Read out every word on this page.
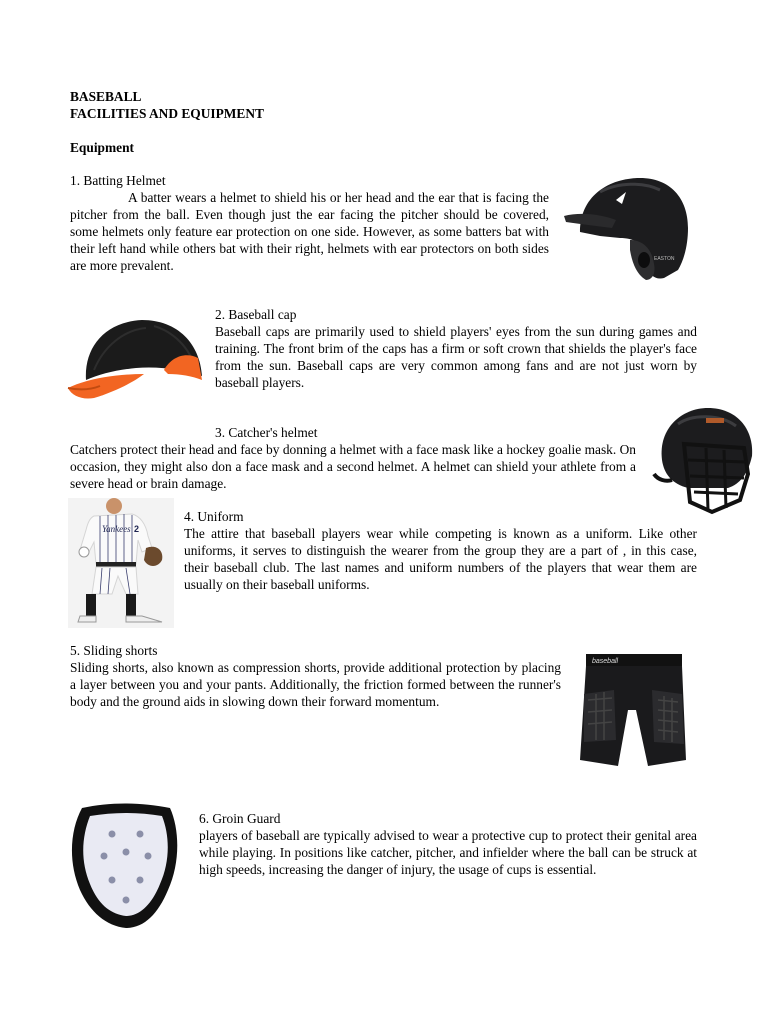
BASEBALL
FACILITIES AND EQUIPMENT
Equipment
1. Batting Helmet
A batter wears a helmet to shield his or her head and the ear that is facing the pitcher from the ball. Even though just the ear facing the pitcher should be covered, some helmets only feature ear protection on one side. However, as some batters bat with their left hand while others bat with their right, helmets with ear protectors on both sides are more prevalent.	EASTON
2. Baseball cap
Baseball caps are primarily used to shield players' eyes from the sun during games and training. The front brim of the caps has a firm or soft crown that shields the player's face from the sun. Baseball caps are very common among fans and are not just worn by baseball players.
3. Catcher's helmet
Catchers protect their head and face by donning a helmet with a face mask like a hockey goalie mask. On occasion, they might also don a face mask and a second helmet. A helmet can shield your athlete from a severe head or brain damage.
Yankees 2
4. Uniform
The attire that baseball players wear while competing is known as a uniform. Like other uniforms, it serves to distinguish the wearer from the group they are a part of , in this case, their baseball club. The last names and uniform numbers of the players that wear them are usually on their baseball uniforms.
5. Sliding shorts
Sliding shorts, also known as compression shorts, provide additional protection by placing a layer between you and your pants. Additionally, the friction formed between the runner's body and the ground aids in slowing down their forward momentum.
baseball
6. Groin Guard
players of baseball are typically advised to wear a protective cup to protect their genital area while playing. In positions like catcher, pitcher, and infielder where the ball can be struck at high speeds, increasing the danger of injury, the usage of cups is essential.
